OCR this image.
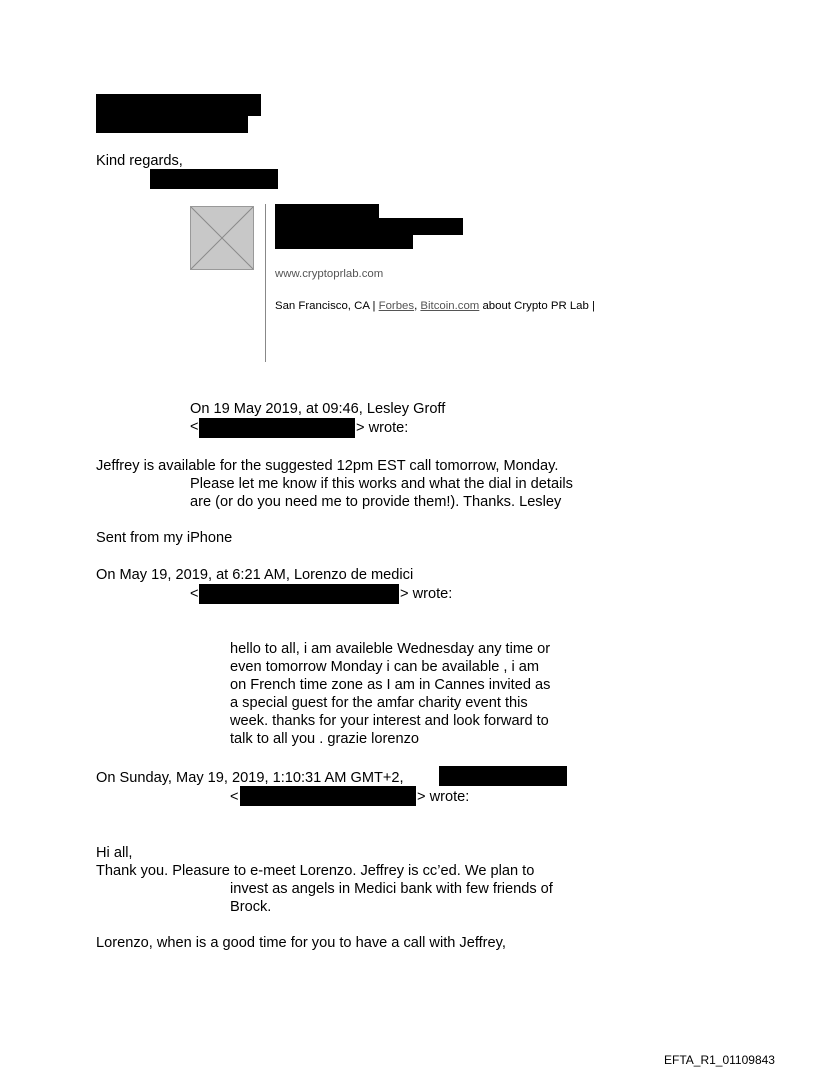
Kind regards,
www.cryptoprlab.com
San Francisco, CA | Forbes, Bitcoin.com about Crypto PR Lab |
On 19 May 2019, at 09:46, Lesley Groff
<	> wrote:
Jeffrey is available for the suggested 12pm EST call tomorrow, Monday.
Please let me know if this works and what the dial in details
are (or do you need me to provide them!). Thanks. Lesley
Sent from my iPhone
On May 19, 2019, at 6:21 AM, Lorenzo de medici
<	> wrote:
hello to all, i am availeble Wednesday any time or
even tomorrow Monday i can be available , i am
on French time zone as I am in Cannes invited as
a special guest for the amfar charity event this
week. thanks for your interest and look forward to
talk to all you . grazie lorenzo
On Sunday, May 19, 2019, 1:10:31 AM GMT+2,
<	> wrote:
Hi all,
Thank you. Pleasure to e-meet Lorenzo. Jeffrey is cc’ed. We plan to
invest as angels in Medici bank with few friends of
Brock.
Lorenzo, when is a good time for you to have a call with Jeffrey,
EFTA_R1_01109843
